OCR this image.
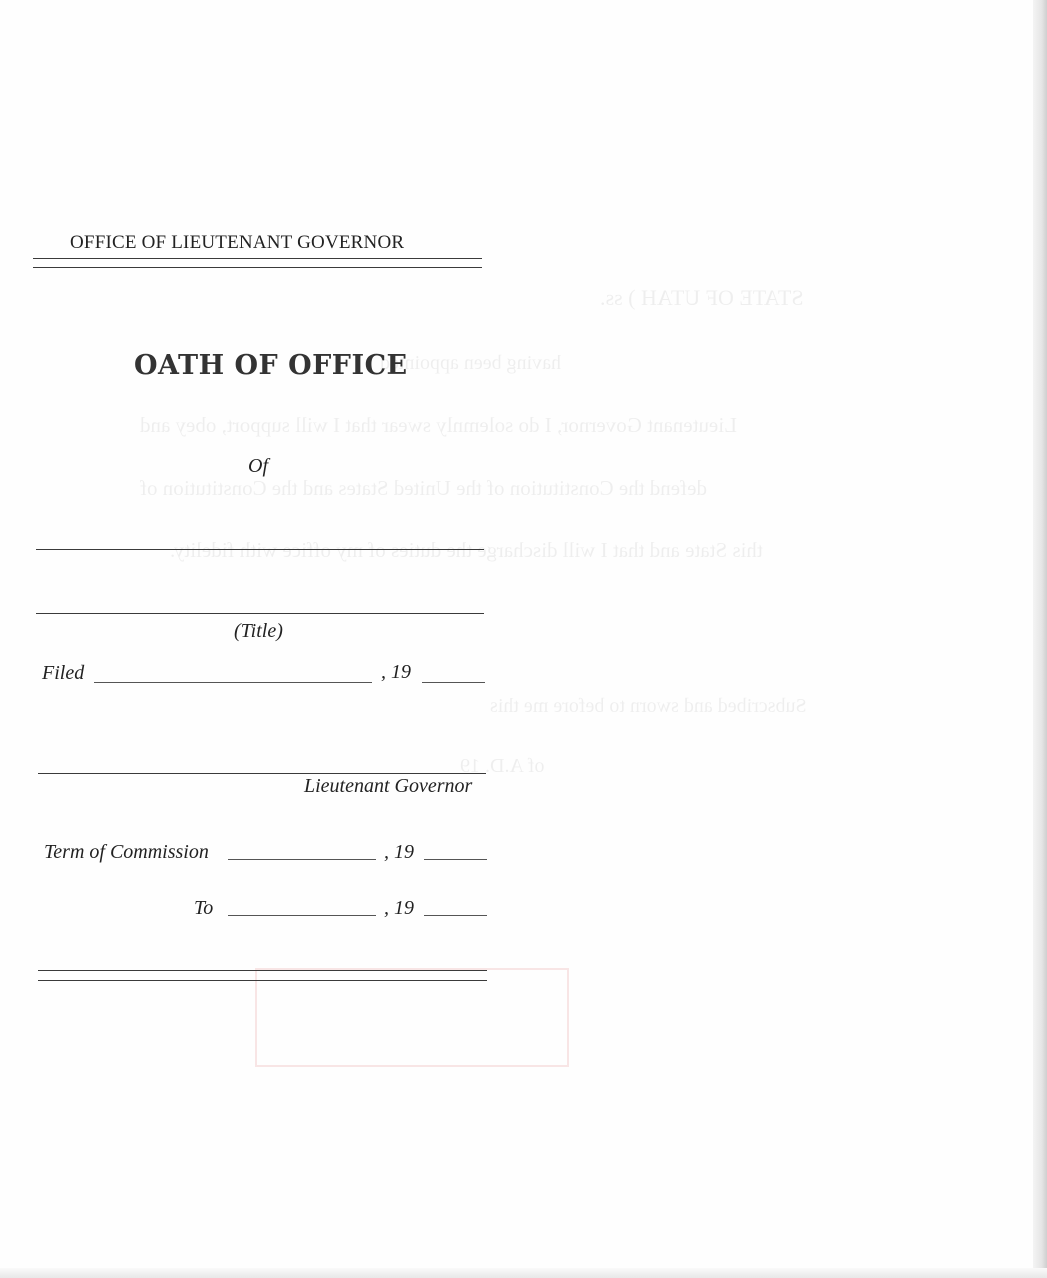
STATE OF UTAH ) ss.
having been appointed
Lieutenant Governor, I do solemnly swear that I will support, obey and
defend the Constitution of the United States and the Constitution of
this State and that I will discharge the duties of my office with fidelity.
Subscribed and sworn to before me this
of A.D. 19
OFFICE OF LIEUTENANT GOVERNOR
OATH OF OFFICE
Of
(Title)
Filed	, 19
Lieutenant Governor
Term of Commission	, 19
To	, 19
